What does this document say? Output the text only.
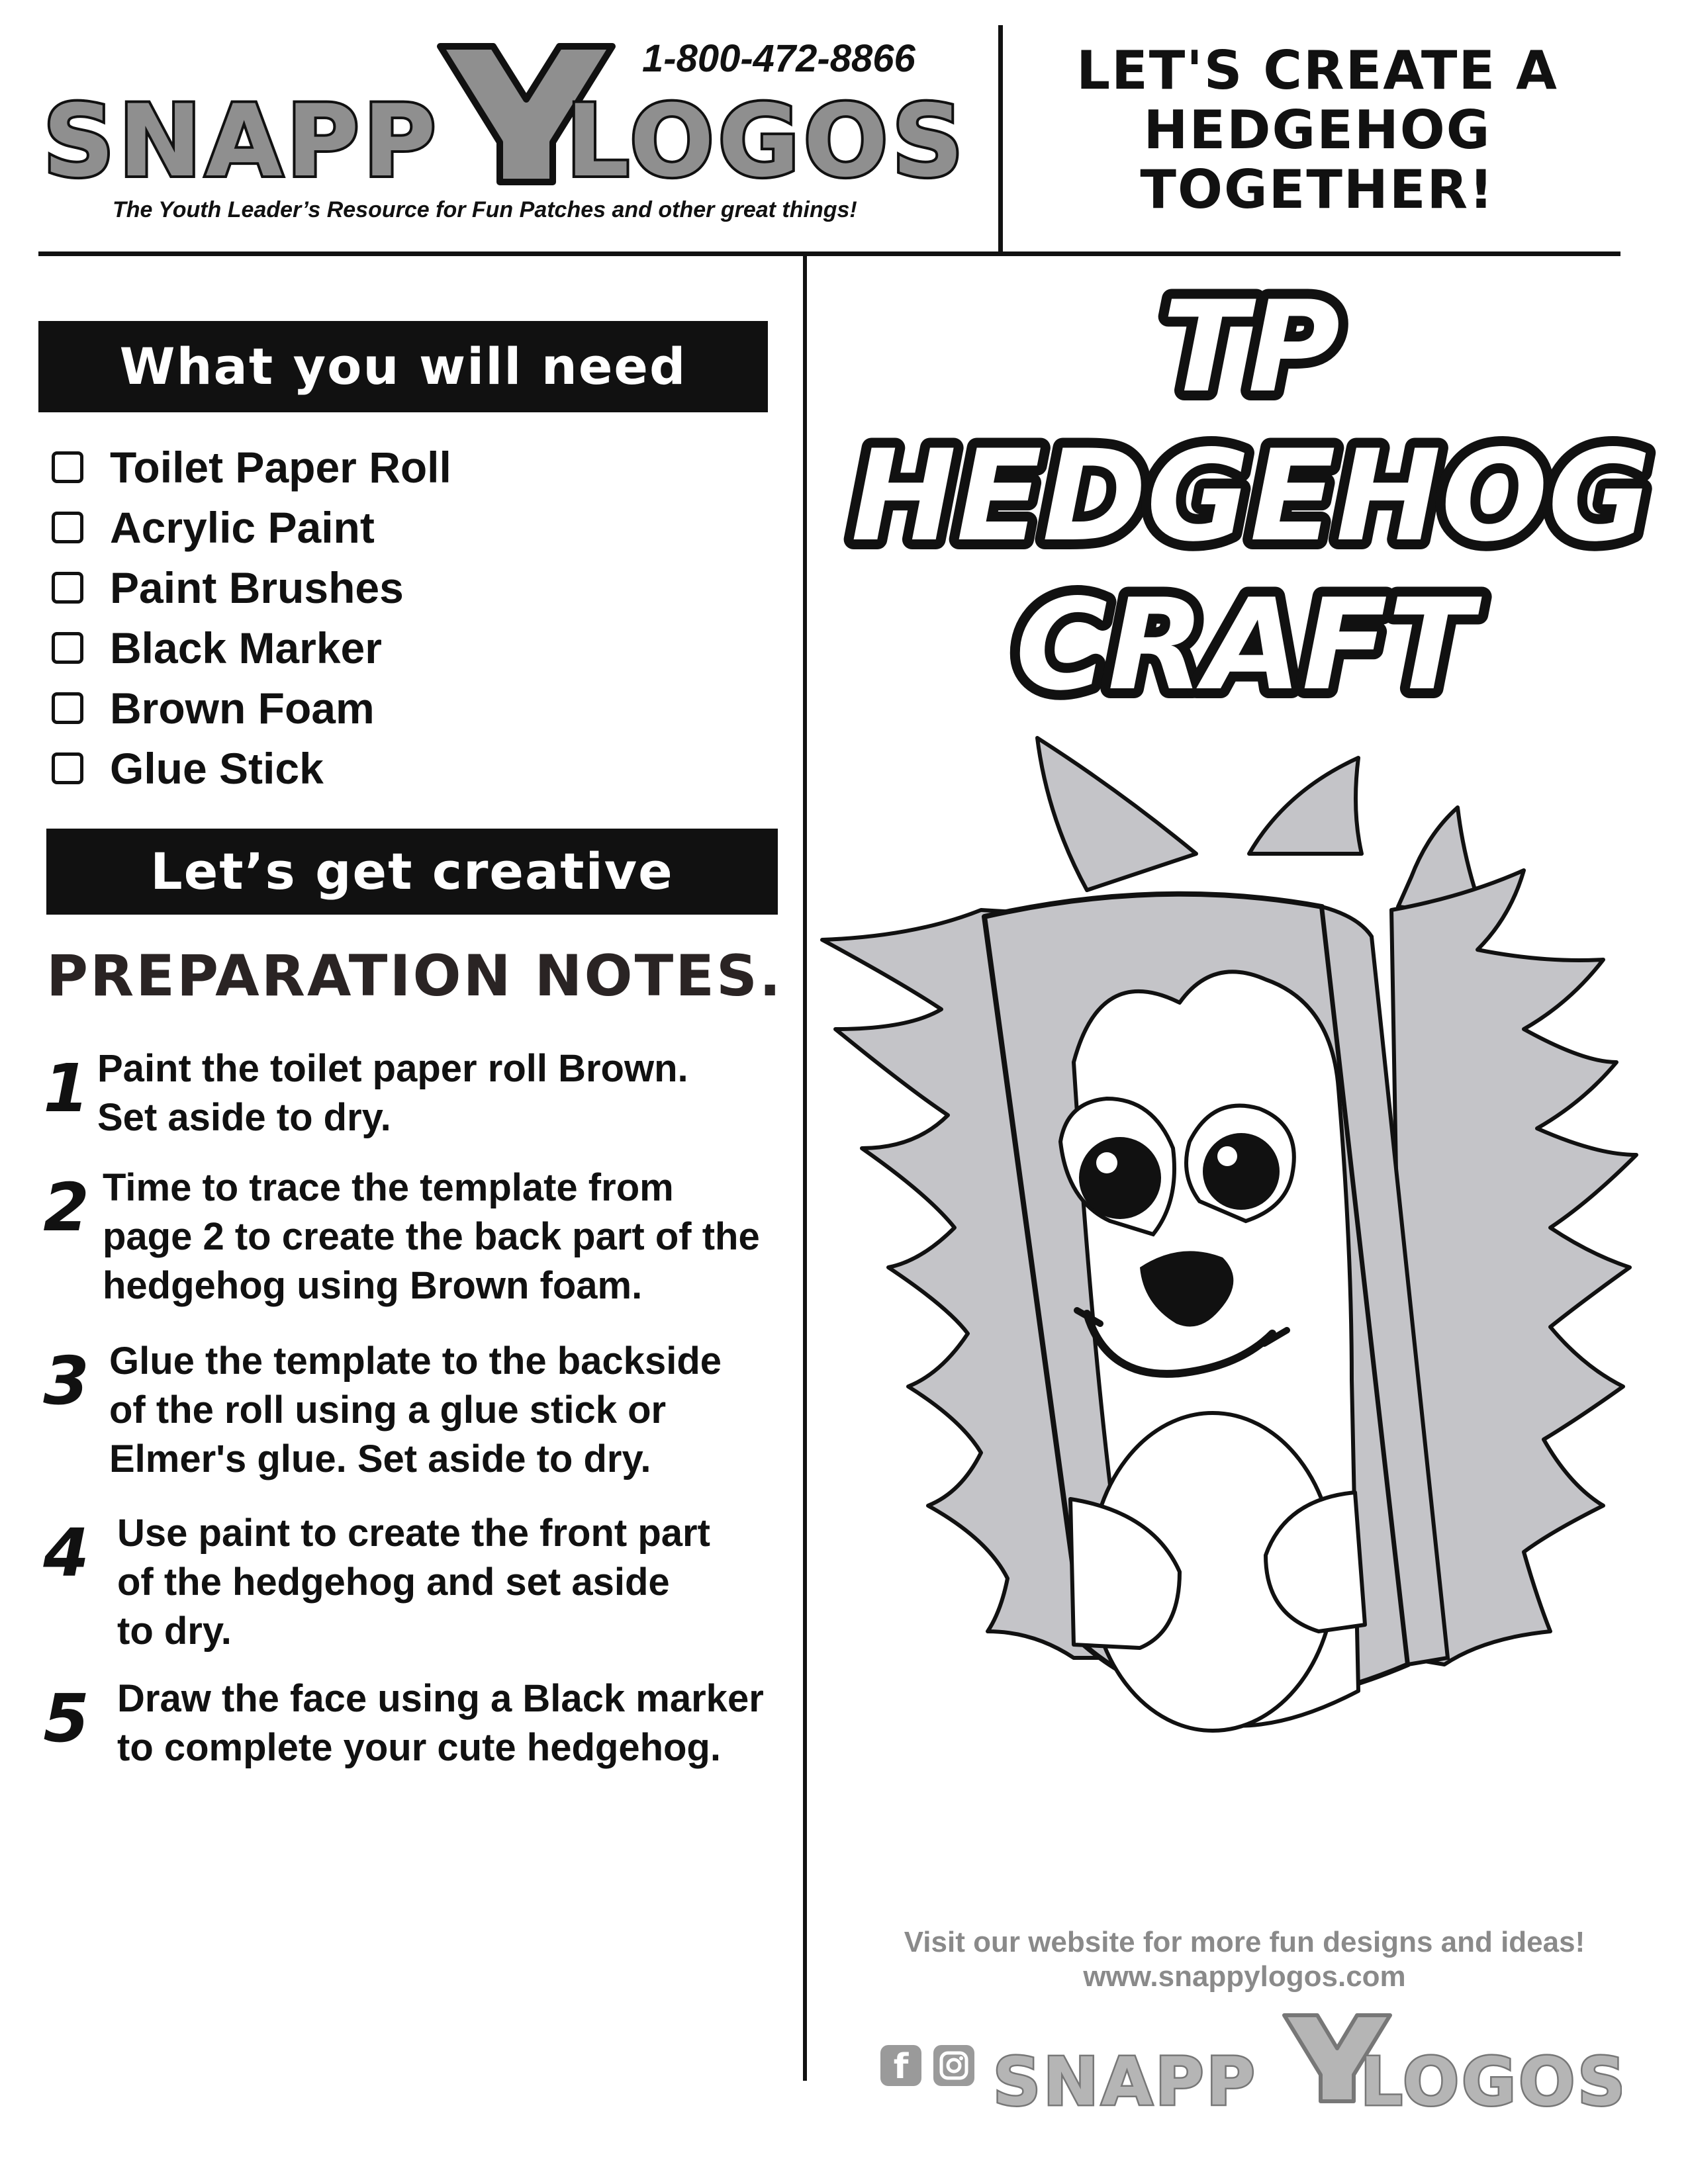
SNAPP LOGOS
1-800-472-8866
The Youth Leader’s Resource for Fun Patches and other great things!
LET'S CREATE A
HEDGEHOG
TOGETHER!
What you will need
Toilet Paper Roll
Acrylic Paint
Paint Brushes
Black Marker
Brown Foam
Glue Stick
Let’s get creative
PREPARATION NOTES.
1 Paint the toilet paper roll Brown.
Set aside to dry.
2 Time to trace the template from
page 2 to create the back part of the
hedgehog using Brown foam.
3 Glue the template to the backside
of the roll using a glue stick or
Elmer's glue. Set aside to dry.
4 Use paint to create the front part
of the hedgehog and set aside
to dry.
5 Draw the face using a Black marker
to complete your cute hedgehog.
TP
HEDGEHOG
CRAFT
Visit our website for more fun designs and ideas!
www.snappylogos.com
f SNAPP LOGOS
